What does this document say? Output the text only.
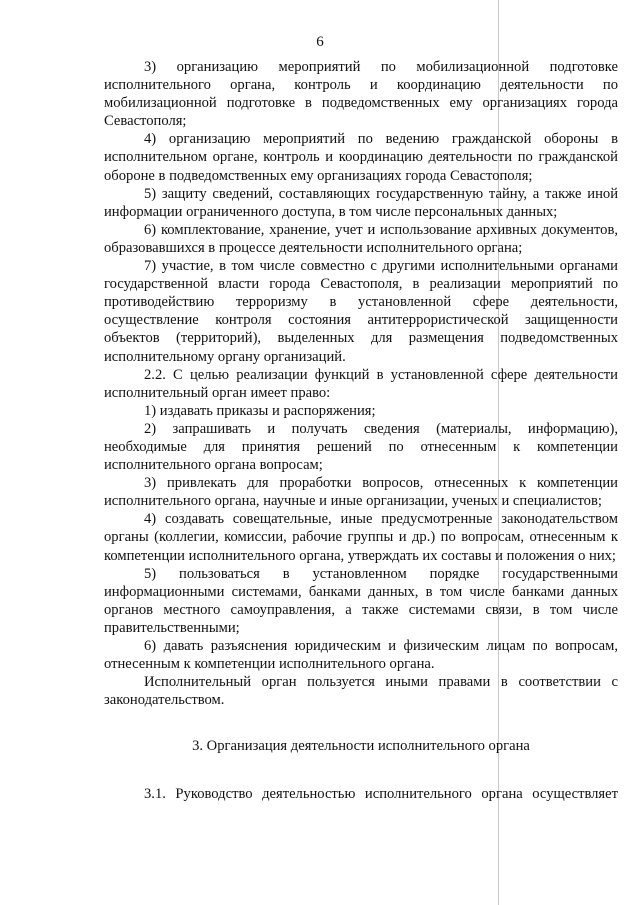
6

3) организацию мероприятий по мобилизационной подготовке исполнительного органа, контроль и координацию деятельности по мобилизационной подготовке в подведомственных ему организациях города Севастополя;

4) организацию мероприятий по ведению гражданской обороны в исполнительном органе, контроль и координацию деятельности по гражданской обороне в подведомственных ему организациях города Севастополя;

5) защиту сведений, составляющих государственную тайну, а также иной информации ограниченного доступа, в том числе персональных данных;

6) комплектование, хранение, учет и использование архивных документов, образовавшихся в процессе деятельности исполнительного органа;

7) участие, в том числе совместно с другими исполнительными органами государственной власти города Севастополя, в реализации мероприятий по противодействию терроризму в установленной сфере деятельности, осуществление контроля состояния антитеррористической защищенности объектов (территорий), выделенных для размещения подведомственных исполнительному органу организаций.

2.2. С целью реализации функций в установленной сфере деятельности исполнительный орган имеет право:

1) издавать приказы и распоряжения;

2) запрашивать и получать сведения (материалы, информацию), необходимые для принятия решений по отнесенным к компетенции исполнительного органа вопросам;

3) привлекать для проработки вопросов, отнесенных к компетенции исполнительного органа, научные и иные организации, ученых и специалистов;

4) создавать совещательные, иные предусмотренные законодательством органы (коллегии, комиссии, рабочие группы и др.) по вопросам, отнесенным к компетенции исполнительного органа, утверждать их составы и положения о них;

5) пользоваться в установленном порядке государственными информационными системами, банками данных, в том числе банками данных органов местного самоуправления, а также системами связи, в том числе правительственными;

6) давать разъяснения юридическим и физическим лицам по вопросам, отнесенным к компетенции исполнительного органа.

Исполнительный орган пользуется иными правами в соответствии с законодательством.

3. Организация деятельности исполнительного органа

3.1. Руководство деятельностью исполнительного органа осуществляет
